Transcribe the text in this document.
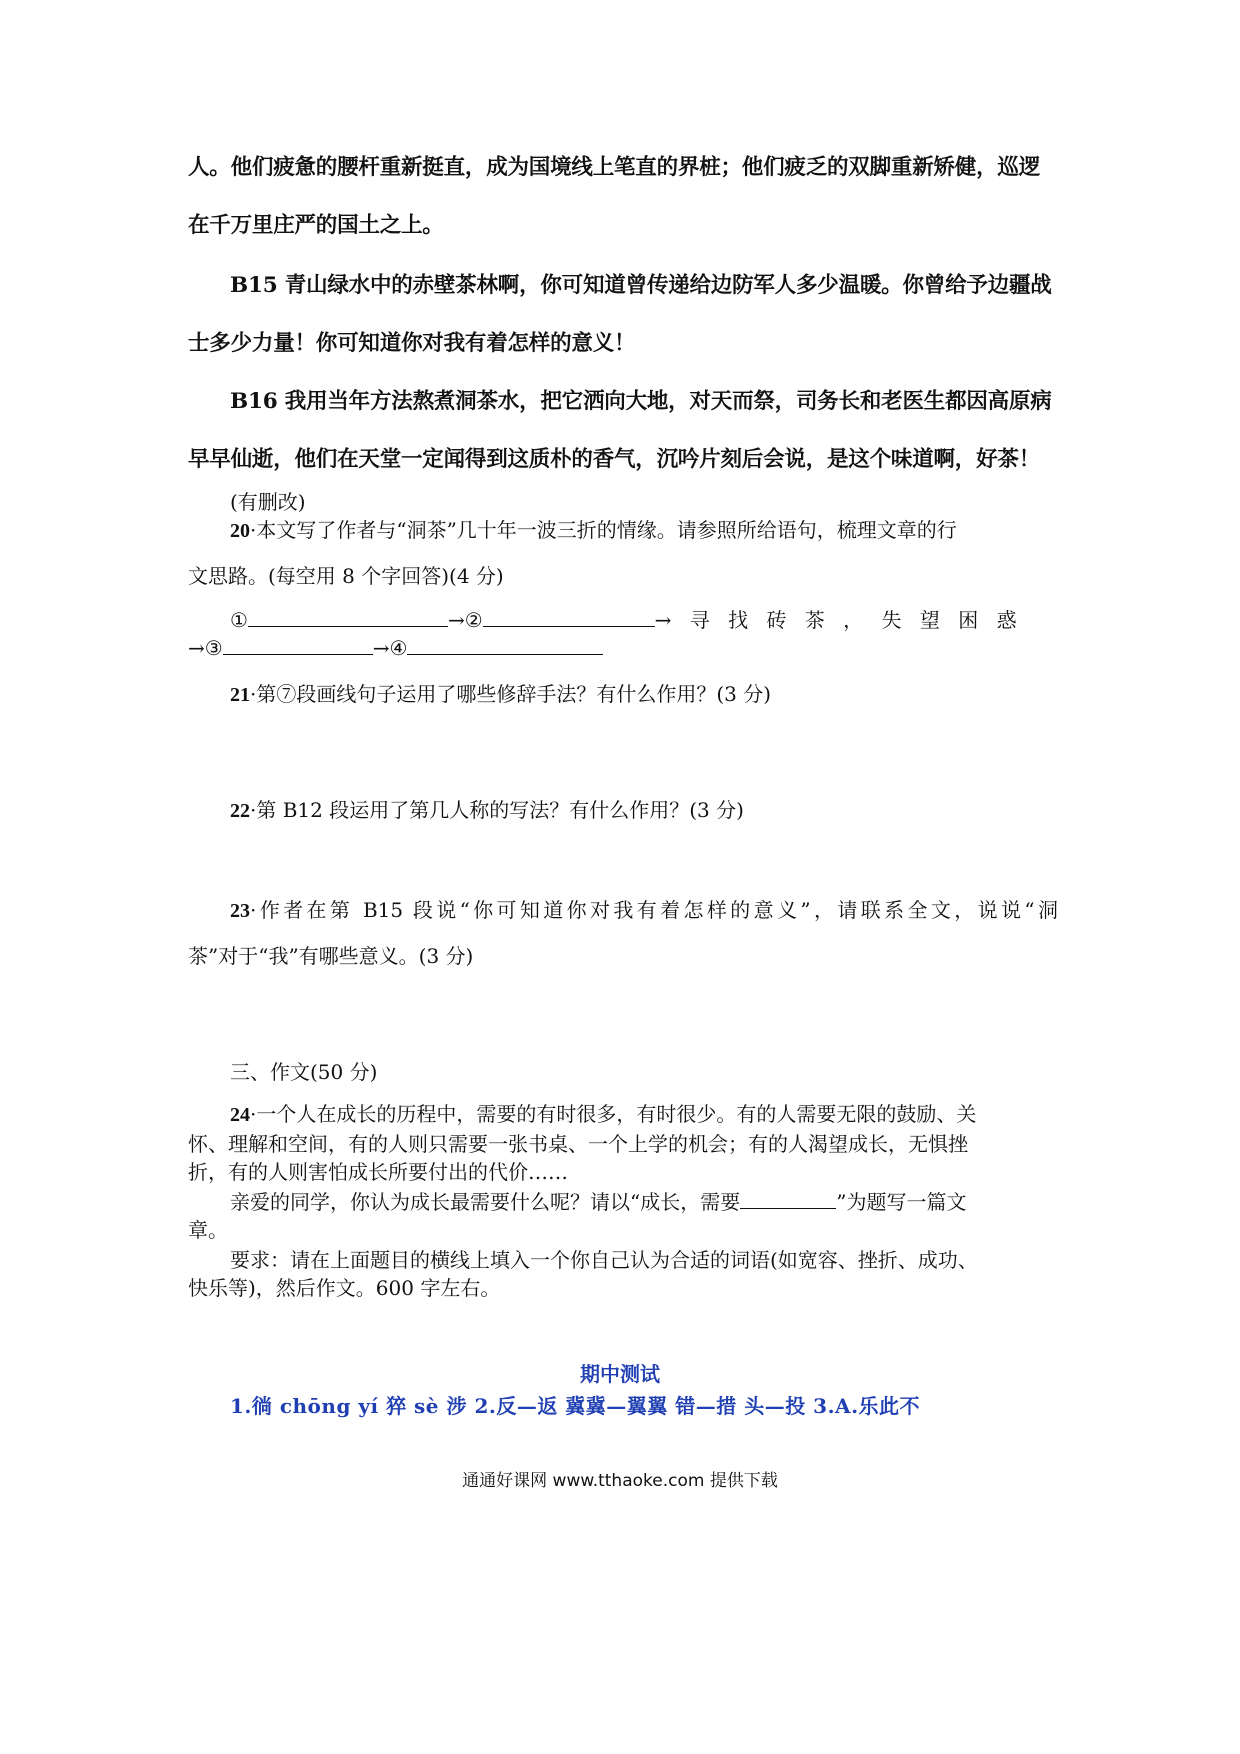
人。他们疲惫的腰杆重新挺直，成为国境线上笔直的界桩；他们疲乏的双脚重新矫健，巡逻
在千万里庄严的国土之上。
B15 青山绿水中的赤壁茶林啊，你可知道曾传递给边防军人多少温暖。你曾给予边疆战
士多少力量！你可知道你对我有着怎样的意义！
B16 我用当年方法熬煮洞茶水，把它洒向大地，对天而祭，司务长和老医生都因高原病
早早仙逝，他们在天堂一定闻得到这质朴的香气，沉吟片刻后会说，是这个味道啊，好茶！
(有删改)
20·本文写了作者与“洞茶”几十年一波三折的情缘。请参照所给语句，梳理文章的行
文思路。(每空用 8 个字回答)(4 分)
①	→②	→ 寻 找 砖 茶 ， 失 望 困 惑
→③	→④
21·第⑦段画线句子运用了哪些修辞手法？有什么作用？(3 分)
22·第 B12 段运用了第几人称的写法？有什么作用？(3 分)
23·作者在第 B15 段说“你可知道你对我有着怎样的意义”，请联系全文，说说“洞
茶”对于“我”有哪些意义。(3 分)
三、作文(50 分)
24·一个人在成长的历程中，需要的有时很多，有时很少。有的人需要无限的鼓励、关
怀、理解和空间，有的人则只需要一张书桌、一个上学的机会；有的人渴望成长，无惧挫
折，有的人则害怕成长所要付出的代价……
亲爱的同学，你认为成长最需要什么呢？请以“成长，需要	”为题写一篇文
章。
要求：请在上面题目的横线上填入一个你自己认为合适的词语(如宽容、挫折、成功、
快乐等)，然后作文。600 字左右。
期中测试
1.徜 chōng yí 猝 sè 涉 2.反—返 冀冀—翼翼 错—措 头—投 3.A.乐此不
通通好课网 www.tthaoke.com 提供下载
